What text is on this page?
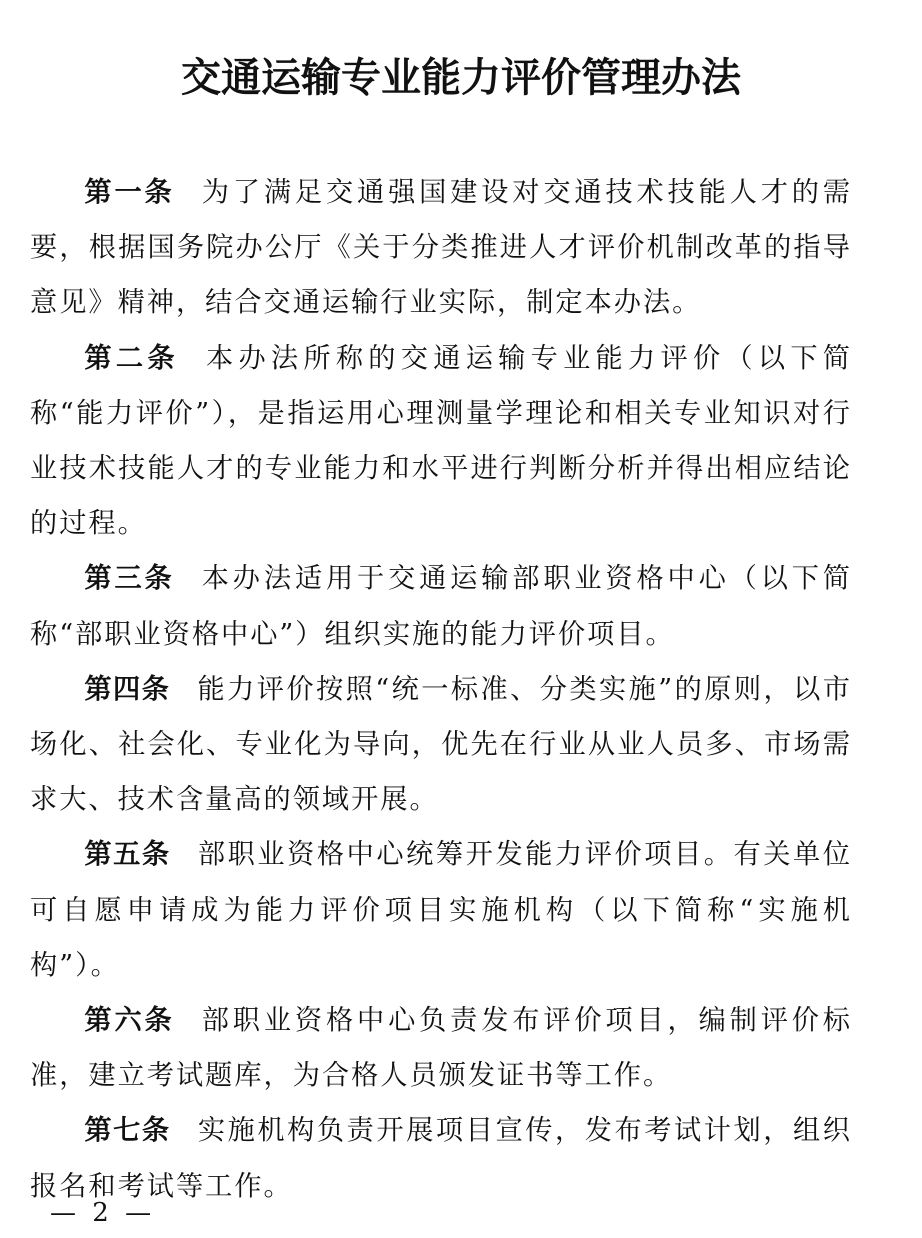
交通运输专业能力评价管理办法

第一条 为了满足交通强国建设对交通技术技能人才的需要，根据国务院办公厅《关于分类推进人才评价机制改革的指导意见》精神，结合交通运输行业实际，制定本办法。

第二条 本办法所称的交通运输专业能力评价（以下简称“能力评价”），是指运用心理测量学理论和相关专业知识对行业技术技能人才的专业能力和水平进行判断分析并得出相应结论的过程。

第三条 本办法适用于交通运输部职业资格中心（以下简称“部职业资格中心”）组织实施的能力评价项目。

第四条 能力评价按照“统一标准、分类实施”的原则，以市场化、社会化、专业化为导向，优先在行业从业人员多、市场需求大、技术含量高的领域开展。

第五条 部职业资格中心统筹开发能力评价项目。有关单位可自愿申请成为能力评价项目实施机构（以下简称“实施机构”）。

第六条 部职业资格中心负责发布评价项目，编制评价标准，建立考试题库，为合格人员颁发证书等工作。

第七条 实施机构负责开展项目宣传，发布考试计划，组织报名和考试等工作。

— 2 —
